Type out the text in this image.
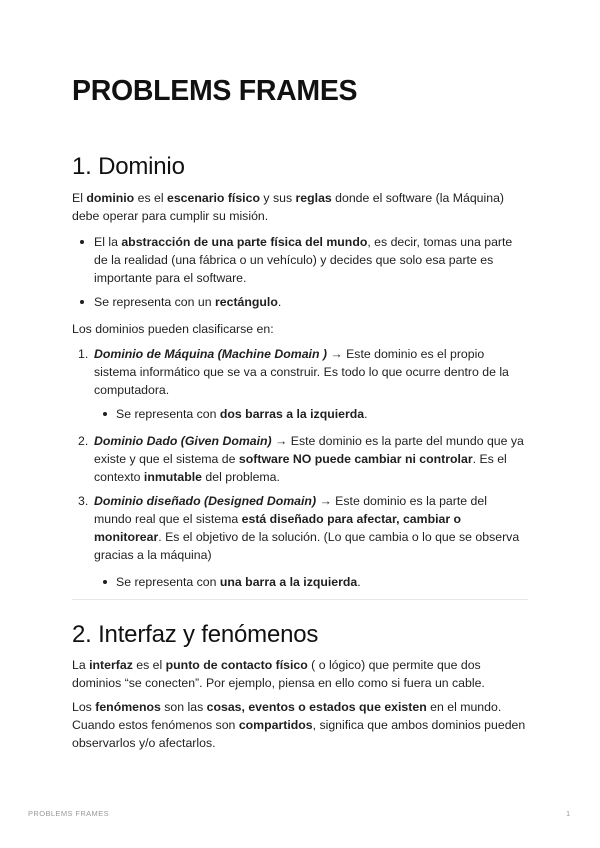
PROBLEMS FRAMES
1. Dominio

El dominio es el escenario físico y sus reglas donde el software (la Máquina) debe operar para cumplir su misión.

El la abstracción de una parte física del mundo, es decir, tomas una parte de la realidad (una fábrica o un vehículo) y decides que solo esa parte es importante para el software.

Se representa con un rectángulo.

Los dominios pueden clasificarse en:

1. Dominio de Máquina (Machine Domain ) → Este dominio es el propio sistema informático que se va a construir. Es todo lo que ocurre dentro de la computadora.

Se representa con dos barras a la izquierda.

2. Dominio Dado (Given Domain) → Este dominio es la parte del mundo que ya existe y que el sistema de software NO puede cambiar ni controlar. Es el contexto inmutable del problema.

3. Dominio diseñado (Designed Domain) → Este dominio es la parte del mundo real que el sistema está diseñado para afectar, cambiar o monitorear. Es el objetivo de la solución. (Lo que cambia o lo que se observa gracias a la máquina)

Se representa con una barra a la izquierda.

2. Interfaz y fenómenos

La interfaz es el punto de contacto físico ( o lógico) que permite que dos dominios “se conecten”. Por ejemplo, piensa en ello como si fuera un cable.

Los fenómenos son las cosas, eventos o estados que existen en el mundo. Cuando estos fenómenos son compartidos, significa que ambos dominios pueden observarlos y/o afectarlos.

PROBLEMS FRAMES	1
